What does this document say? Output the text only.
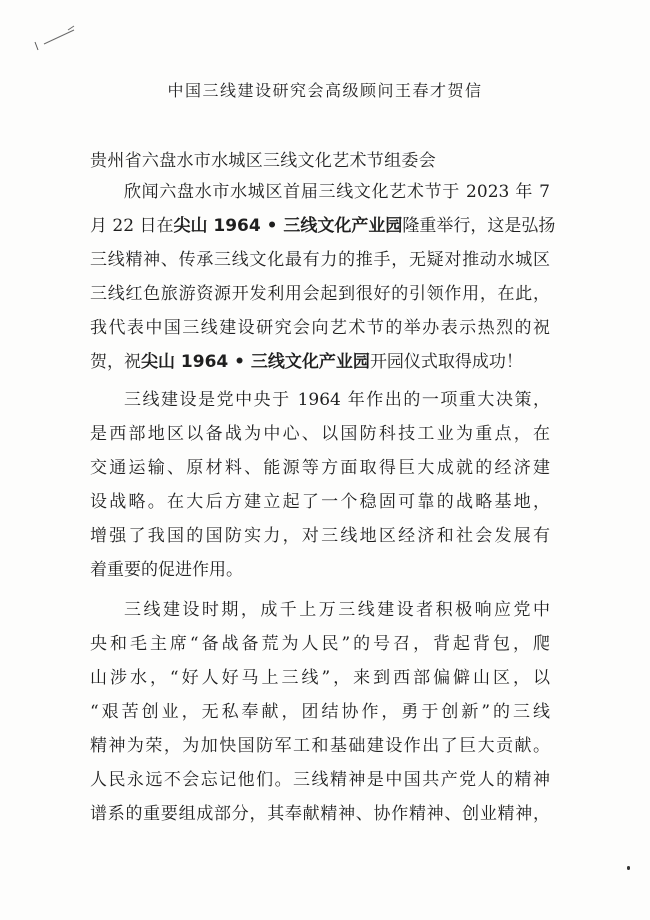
中国三线建设研究会高级顾问王春才贺信
贵州省六盘水市水城区三线文化艺术节组委会
欣闻六盘水市水城区首届三线文化艺术节于 2023 年 7
月 22 日在尖山 1964 • 三线文化产业园隆重举行，这是弘扬
三线精神、传承三线文化最有力的推手，无疑对推动水城区
三线红色旅游资源开发利用会起到很好的引领作用，在此，
我代表中国三线建设研究会向艺术节的举办表示热烈的祝
贺，祝尖山 1964 • 三线文化产业园开园仪式取得成功！
三线建设是党中央于 1964 年作出的一项重大决策，
是西部地区以备战为中心、以国防科技工业为重点，在
交通运输、原材料、能源等方面取得巨大成就的经济建
设战略。在大后方建立起了一个稳固可靠的战略基地，
增强了我国的国防实力，对三线地区经济和社会发展有
着重要的促进作用。
三线建设时期，成千上万三线建设者积极响应党中
央和毛主席“备战备荒为人民”的号召，背起背包，爬
山涉水，“好人好马上三线”，来到西部偏僻山区，以
“艰苦创业，无私奉献，团结协作，勇于创新”的三线
精神为荣，为加快国防军工和基础建设作出了巨大贡献。
人民永远不会忘记他们。三线精神是中国共产党人的精神
谱系的重要组成部分，其奉献精神、协作精神、创业精神，
